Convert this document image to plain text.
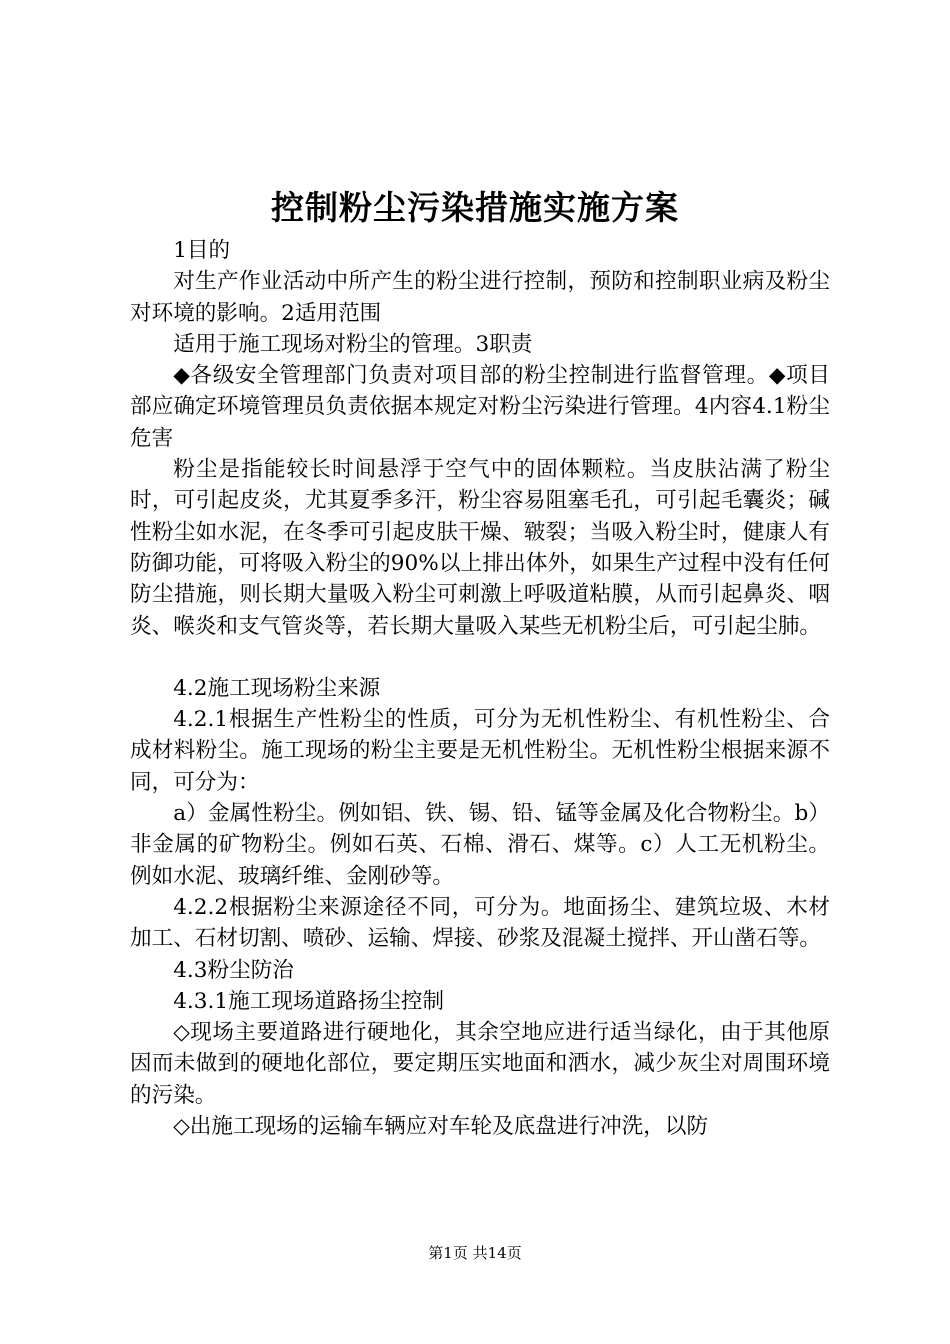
控制粉尘污染措施实施方案

1目的

对生产作业活动中所产生的粉尘进行控制，预防和控制职业病及粉尘对环境的影响。2适用范围

适用于施工现场对粉尘的管理。3职责

◆各级安全管理部门负责对项目部的粉尘控制进行监督管理。◆项目部应确定环境管理员负责依据本规定对粉尘污染进行管理。4内容4.1粉尘危害

粉尘是指能较长时间悬浮于空气中的固体颗粒。当皮肤沾满了粉尘时，可引起皮炎，尤其夏季多汗，粉尘容易阻塞毛孔，可引起毛囊炎；碱性粉尘如水泥，在冬季可引起皮肤干燥、皲裂；当吸入粉尘时，健康人有防御功能，可将吸入粉尘的90%以上排出体外，如果生产过程中没有任何防尘措施，则长期大量吸入粉尘可刺激上呼吸道粘膜，从而引起鼻炎、咽炎、喉炎和支气管炎等，若长期大量吸入某些无机粉尘后，可引起尘肺。

4.2施工现场粉尘来源

4.2.1根据生产性粉尘的性质，可分为无机性粉尘、有机性粉尘、合成材料粉尘。施工现场的粉尘主要是无机性粉尘。无机性粉尘根据来源不同，可分为：

a）金属性粉尘。例如铝、铁、锡、铅、锰等金属及化合物粉尘。b）非金属的矿物粉尘。例如石英、石棉、滑石、煤等。c）人工无机粉尘。例如水泥、玻璃纤维、金刚砂等。

4.2.2根据粉尘来源途径不同，可分为。地面扬尘、建筑垃圾、木材加工、石材切割、喷砂、运输、焊接、砂浆及混凝土搅拌、开山凿石等。

4.3粉尘防治

4.3.1施工现场道路扬尘控制

◇现场主要道路进行硬地化，其余空地应进行适当绿化，由于其他原因而未做到的硬地化部位，要定期压实地面和洒水，减少灰尘对周围环境的污染。

◇出施工现场的运输车辆应对车轮及底盘进行冲洗，以防

第1页 共14页
